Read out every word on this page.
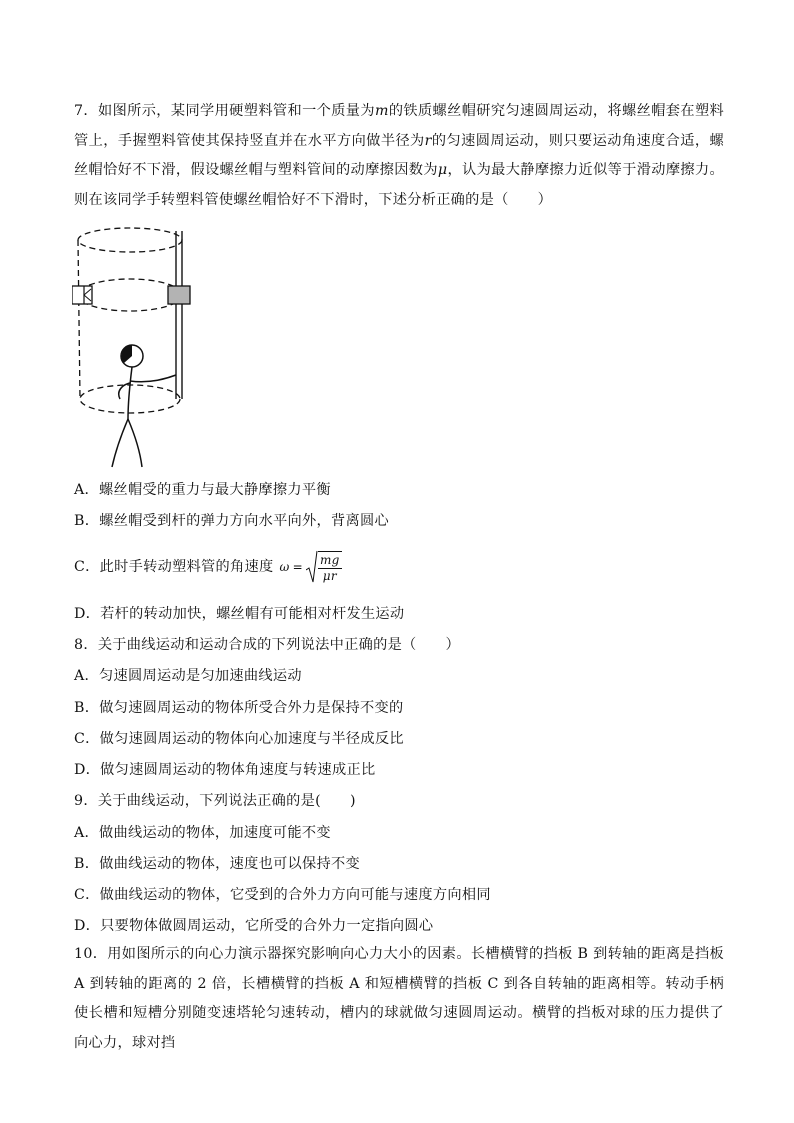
7．如图所示，某同学用硬塑料管和一个质量为m的铁质螺丝帽研究匀速圆周运动，将螺丝帽套在塑料管上，手握塑料管使其保持竖直并在水平方向做半径为r的匀速圆周运动，则只要运动角速度合适，螺丝帽恰好不下滑，假设螺丝帽与塑料管间的动摩擦因数为μ，认为最大静摩擦力近似等于滑动摩擦力。则在该同学手转塑料管使螺丝帽恰好不下滑时，下述分析正确的是（　　）
A．螺丝帽受的重力与最大静摩擦力平衡
B．螺丝帽受到杆的弹力方向水平向外，背离圆心
C．此时手转动塑料管的角速度 $\omega = \frac{mg}{\mu r}$
D．若杆的转动加快，螺丝帽有可能相对杆发生运动
8．关于曲线运动和运动合成的下列说法中正确的是（　　）
A．匀速圆周运动是匀加速曲线运动
B．做匀速圆周运动的物体所受合外力是保持不变的
C．做匀速圆周运动的物体向心加速度与半径成反比
D．做匀速圆周运动的物体角速度与转速成正比
9．关于曲线运动，下列说法正确的是(　　)
A．做曲线运动的物体，加速度可能不变
B．做曲线运动的物体，速度也可以保持不变
C．做曲线运动的物体，它受到的合外力方向可能与速度方向相同
D．只要物体做圆周运动，它所受的合外力一定指向圆心
10．用如图所示的向心力演示器探究影响向心力大小的因素。长槽横臂的挡板 B 到转轴的距离是挡板 A 到转轴的距离的 2 倍，长槽横臂的挡板 A 和短槽横臂的挡板 C 到各自转轴的距离相等。转动手柄使长槽和短槽分别随变速塔轮匀速转动，槽内的球就做匀速圆周运动。横臂的挡板对球的压力提供了向心力，球对挡
